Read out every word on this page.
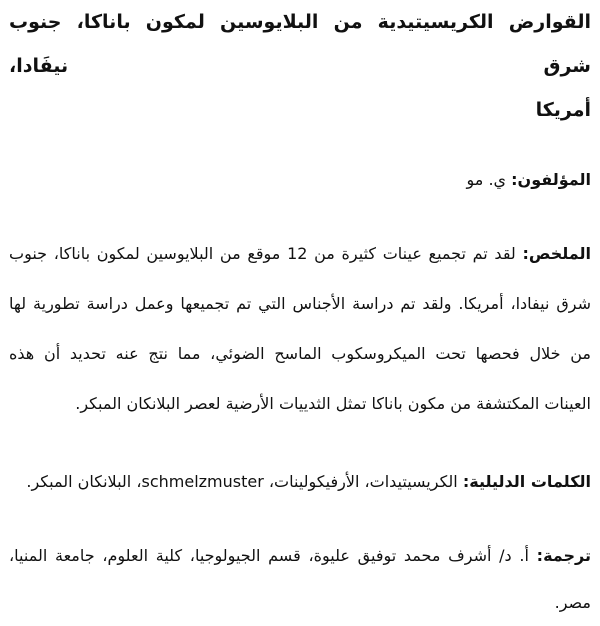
القوارض الكريسيتيدية من البلايوسين لمكون باناكا، جنوب شرق نيفَادا،
أمريكا

المؤلفون: ي. مو

الملخص: لقد تم تجميع عينات كثيرة من 12 موقع من البلايوسين لمكون باناكا، جنوب
شرق نيفادا، أمريكا. ولقد تم دراسة الأجناس التي تم تجميعها وعمل دراسة تطورية لها
من خلال فحصها تحت الميكروسكوب الماسح الضوئي، مما نتج عنه تحديد أن هذه
العينات المكتشفة من مكون باناكا تمثل الثدييات الأرضية لعصر البلانكان المبكر.

الكلمات الدليلية: الكريسيتيدات، الأرفيكولينات، schmelzmuster، البلانكان المبكر.

ترجمة: أ. د/ أشرف محمد توفيق عليوة، قسم الجيولوجيا، كلية العلوم، جامعة المنيا،
مصر.
